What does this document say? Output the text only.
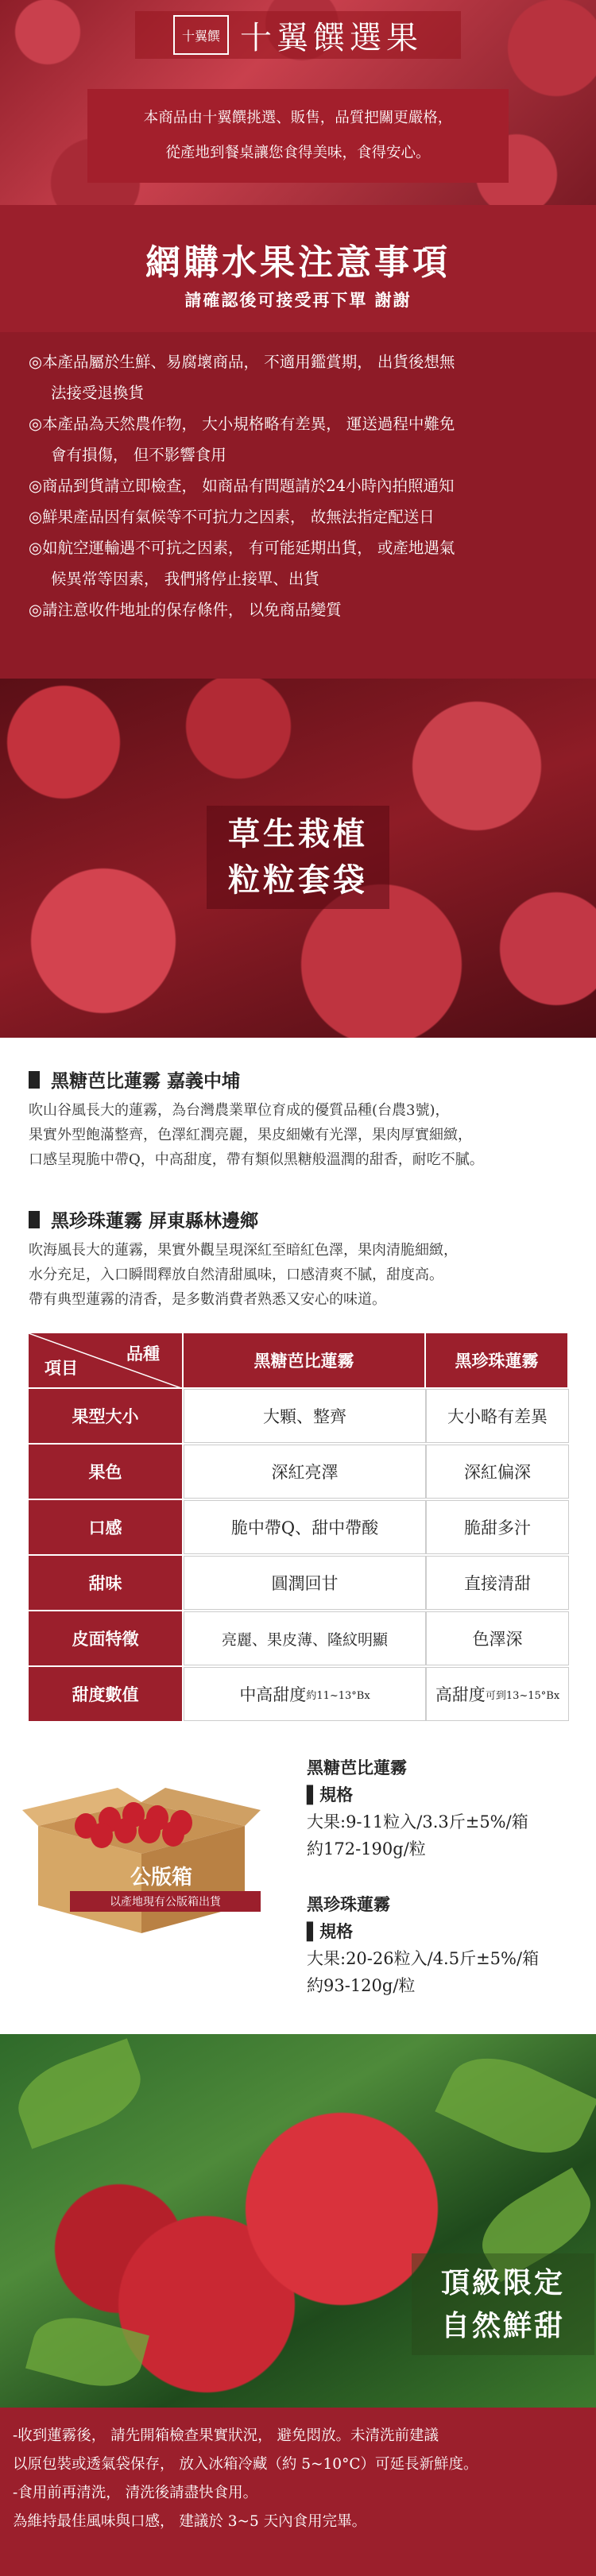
十翼饌 十翼饌選果
本商品由十翼饌挑選、販售，品質把關更嚴格，
從產地到餐桌讓您食得美味，食得安心。
網購水果注意事項
請確認後可接受再下單 謝謝
◎本產品屬於生鮮、易腐壞商品， 不適用鑑賞期， 出貨後想無
法接受退換貨
◎本產品為天然農作物， 大小規格略有差異， 運送過程中難免
會有損傷， 但不影響食用
◎商品到貨請立即檢查， 如商品有問題請於24小時內拍照通知
◎鮮果產品因有氣候等不可抗力之因素， 故無法指定配送日
◎如航空運輸遇不可抗之因素， 有可能延期出貨， 或產地遇氣
候異常等因素， 我們將停止接單、出貨
◎請注意收件地址的保存條件， 以免商品變質
草生栽植
粒粒套袋
黑糖芭比蓮霧 嘉義中埔
吹山谷風長大的蓮霧，為台灣農業單位育成的優質品種(台農3號)，
果實外型飽滿整齊，色澤紅潤亮麗，果皮細嫩有光澤，果肉厚實細緻，
口感呈現脆中帶Q，中高甜度，帶有類似黑糖般溫潤的甜香，耐吃不膩。
黑珍珠蓮霧 屏東縣林邊鄉
吹海風長大的蓮霧，果實外觀呈現深紅至暗紅色澤，果肉清脆細緻，
水分充足，入口瞬間釋放自然清甜風味，口感清爽不膩，甜度高。
帶有典型蓮霧的清香，是多數消費者熟悉又安心的味道。
品種
項目	黑糖芭比蓮霧	黑珍珠蓮霧
果型大小	大顆、整齊	大小略有差異
果色	深紅亮澤	深紅偏深
口感	脆中帶Q、甜中帶酸	脆甜多汁
甜味	圓潤回甘	直接清甜
皮面特徵	亮麗、果皮薄、隆紋明顯	色澤深
甜度數值	中高甜度 約11~13°Bx	高甜度 可到13~15°Bx
公版箱
以產地現有公版箱出貨
黑糖芭比蓮霧
▌規格
大果:9-11粒入/3.3斤±5%/箱
約172-190g/粒
黑珍珠蓮霧
▌規格
大果:20-26粒入/4.5斤±5%/箱
約93-120g/粒
頂級限定
自然鮮甜
-收到蓮霧後， 請先開箱檢查果實狀況， 避免悶放。未清洗前建議
以原包裝或透氣袋保存， 放入冰箱冷藏（約 5~10°C）可延長新鮮度。
-食用前再清洗， 清洗後請盡快食用。
為維持最佳風味與口感， 建議於 3~5 天內食用完畢。
